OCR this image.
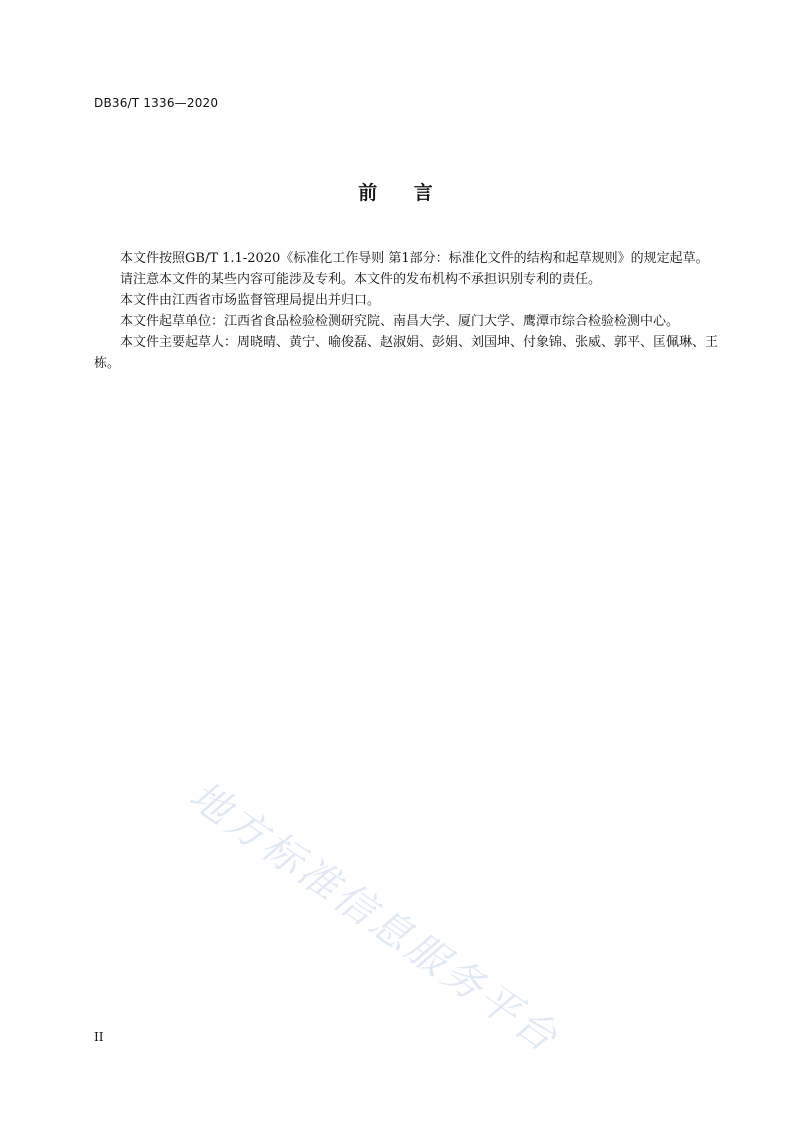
DB36/T 1336—2020
前    言

本文件按照GB/T 1.1-2020《标准化工作导则 第1部分：标准化文件的结构和起草规则》的规定起草。

请注意本文件的某些内容可能涉及专利。本文件的发布机构不承担识别专利的责任。

本文件由江西省市场监督管理局提出并归口。

本文件起草单位：江西省食品检验检测研究院、南昌大学、厦门大学、鹰潭市综合检验检测中心。

本文件主要起草人：周晓晴、黄宁、喻俊磊、赵淑娟、彭娟、刘国坤、付象锦、张威、郭平、匡佩琳、王栋。

地方标准信息服务平台
II
